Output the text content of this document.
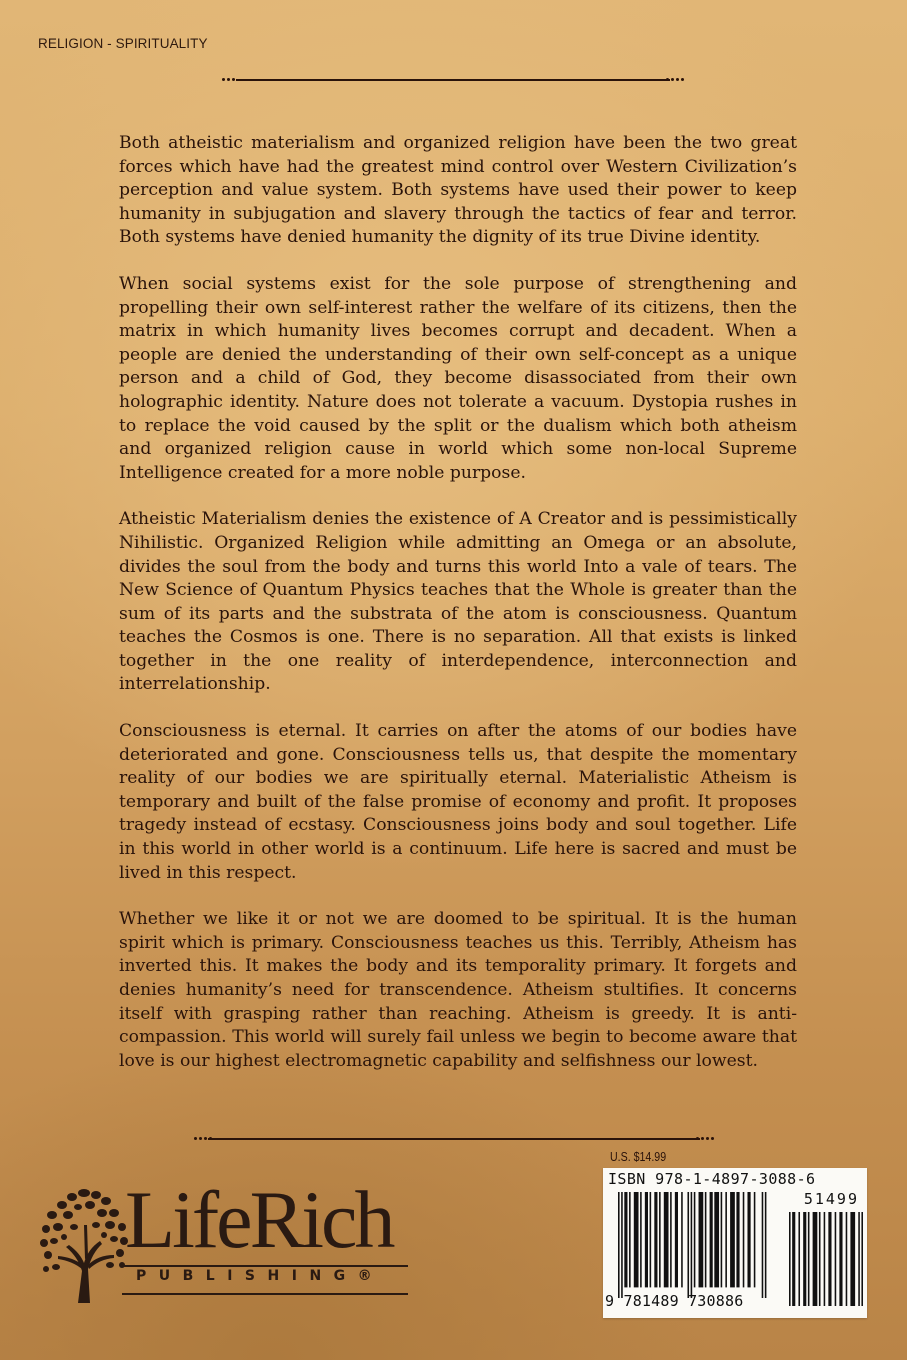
RELIGION - SPIRITUALITY

Both atheistic materialism and organized religion have been the two great forces which have had the greatest mind control over Western Civilization’s perception and value system. Both systems have used their power to keep humanity in subjugation and slavery through the tactics of fear and terror. Both systems have denied humanity the dignity of its true Divine identity.

When social systems exist for the sole purpose of strengthening and propelling their own self-interest rather the welfare of its citizens, then the matrix in which humanity lives becomes corrupt and decadent. When a people are denied the understanding of their own self-concept as a unique person and a child of God, they become disassociated from their own holographic identity. Nature does not tolerate a vacuum. Dystopia rushes in to replace the void caused by the split or the dualism which both atheism and organized religion cause in world which some non-local Supreme Intelligence created for a more noble purpose.

Atheistic Materialism denies the existence of A Creator and is pessimistically Nihilistic. Organized Religion while admitting an Omega or an absolute, divides the soul from the body and turns this world Into a vale of tears. The New Science of Quantum Physics teaches that the Whole is greater than the sum of its parts and the substrata of the atom is consciousness. Quantum teaches the Cosmos is one. There is no separation. All that exists is linked together in the one reality of interdependence, interconnection and interrelationship.

Consciousness is eternal. It carries on after the atoms of our bodies have deteriorated and gone. Consciousness tells us, that despite the momentary reality of our bodies we are spiritually eternal. Materialistic Atheism is temporary and built of the false promise of economy and profit. It proposes tragedy instead of ecstasy. Consciousness joins body and soul together. Life in this world in other world is a continuum. Life here is sacred and must be lived in this respect.

Whether we like it or not we are doomed to be spiritual. It is the human spirit which is primary. Consciousness teaches us this. Terribly, Atheism has inverted this. It makes the body and its temporality primary. It forgets and denies humanity’s need for transcendence. Atheism stultifies. It concerns itself with grasping rather than reaching. Atheism is greedy. It is anti-compassion. This world will surely fail unless we begin to become aware that love is our highest electromagnetic capability and selfishness our lowest.

LifeRich
PUBLISHING®
U.S. $14.99
ISBN 978-1-4897-3088-6
51499
9 781489 730886
